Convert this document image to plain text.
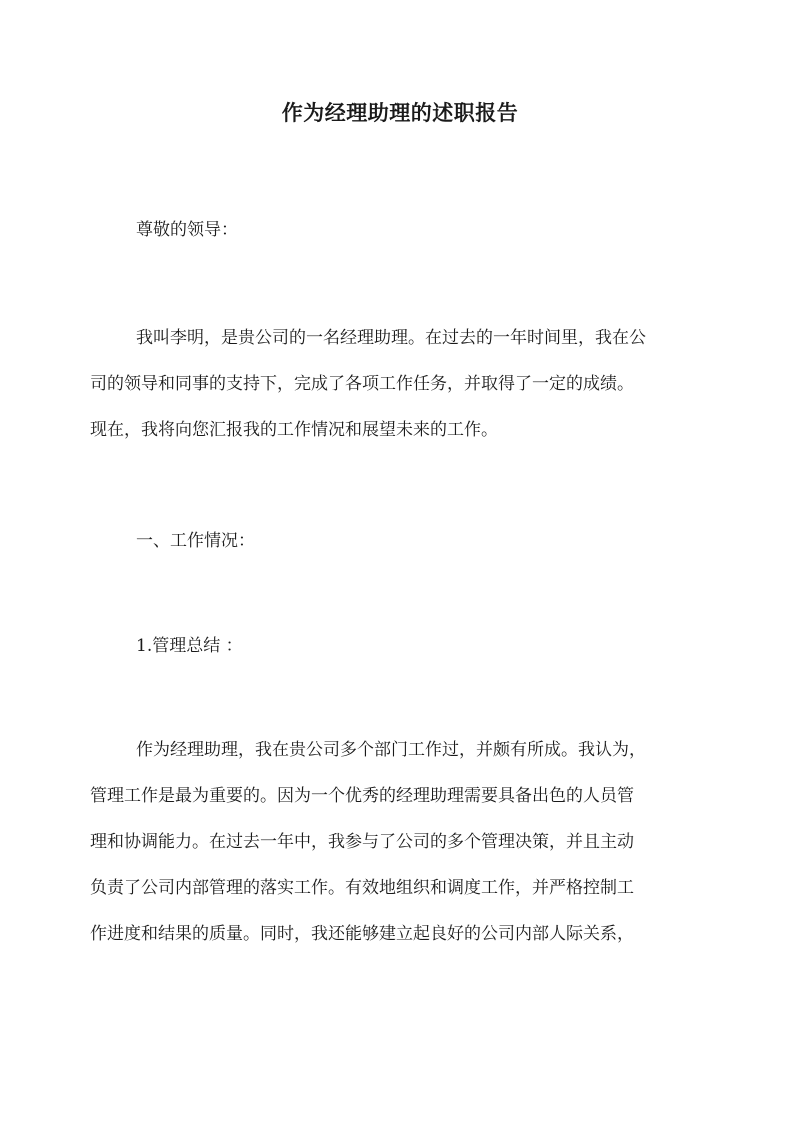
作为经理助理的述职报告
尊敬的领导：
我叫李明，是贵公司的一名经理助理。在过去的一年时间里，我在公
司的领导和同事的支持下，完成了各项工作任务，并取得了一定的成绩。
现在，我将向您汇报我的工作情况和展望未来的工作。
一、工作情况：
1.管理总结 ：
作为经理助理，我在贵公司多个部门工作过，并颇有所成。我认为，
管理工作是最为重要的。因为一个优秀的经理助理需要具备出色的人员管
理和协调能力。在过去一年中，我参与了公司的多个管理决策，并且主动
负责了公司内部管理的落实工作。有效地组织和调度工作，并严格控制工
作进度和结果的质量。同时，我还能够建立起良好的公司内部人际关系，
